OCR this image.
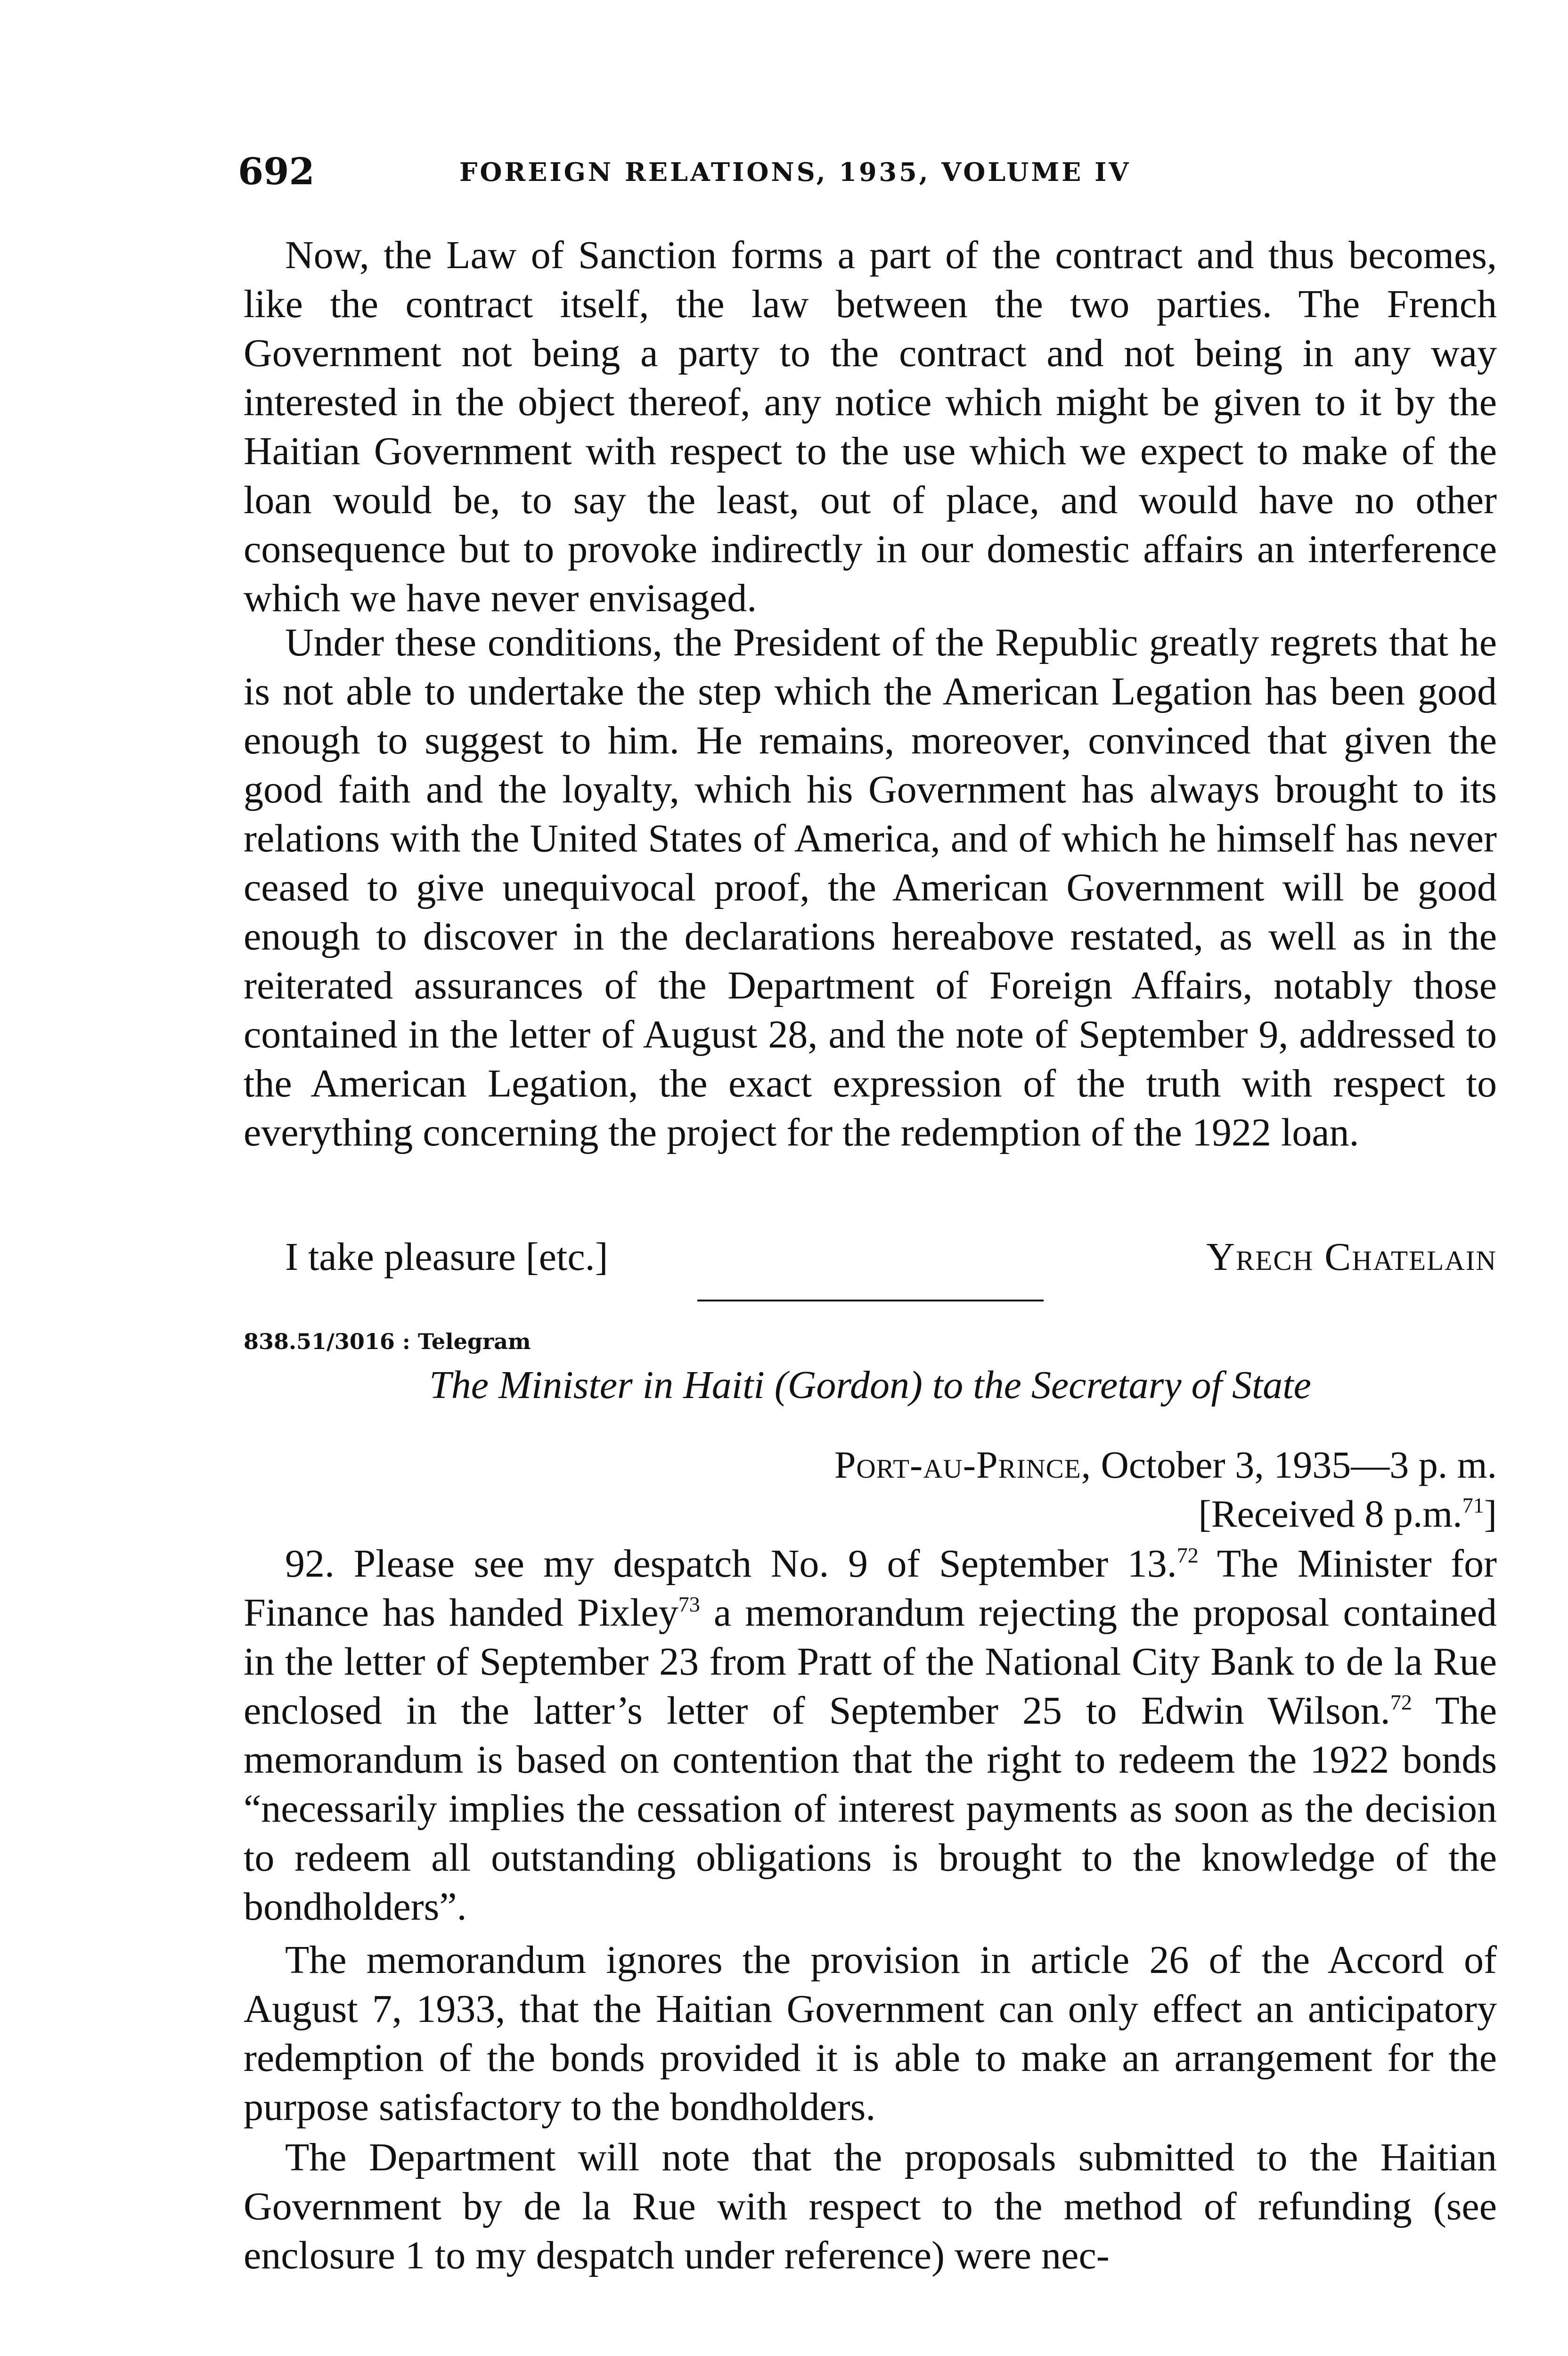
692	FOREIGN RELATIONS, 1935, VOLUME IV
Now, the Law of Sanction forms a part of the contract and thus becomes, like the contract itself, the law between the two parties. The French Government not being a party to the contract and not being in any way interested in the object thereof, any notice which might be given to it by the Haitian Government with respect to the use which we expect to make of the loan would be, to say the least, out of place, and would have no other consequence but to provoke indirectly in our domestic affairs an interference which we have never envisaged.
Under these conditions, the President of the Republic greatly regrets that he is not able to undertake the step which the American Legation has been good enough to suggest to him. He remains, moreover, convinced that given the good faith and the loyalty, which his Government has always brought to its relations with the United States of America, and of which he himself has never ceased to give unequivocal proof, the American Government will be good enough to discover in the declarations hereabove restated, as well as in the reiterated assurances of the Department of Foreign Affairs, notably those contained in the letter of August 28, and the note of September 9, addressed to the American Legation, the exact expression of the truth with respect to everything concerning the project for the redemption of the 1922 loan.
I take pleasure [etc.]	Yrech Chatelain
838.51/3016 : Telegram
The Minister in Haiti (Gordon) to the Secretary of State
Port-au-Prince, October 3, 1935—3 p. m.
[Received 8 p.m.$^{71}$]
92. Please see my despatch No. 9 of September 13.72 The Minister for Finance has handed Pixley$^{73}$ a memorandum rejecting the proposal contained in the letter of September 23 from Pratt of the National City Bank to de la Rue enclosed in the latter’s letter of September 25 to Edwin Wilson.$^{72}$ The memorandum is based on contention that the right to redeem the 1922 bonds “necessarily implies the cessation of interest payments as soon as the decision to redeem all outstanding obligations is brought to the knowledge of the bondholders”.
The memorandum ignores the provision in article 26 of the Accord of August 7, 1933, that the Haitian Government can only effect an anticipatory redemption of the bonds provided it is able to make an arrangement for the purpose satisfactory to the bondholders.
The Department will note that the proposals submitted to the Haitian Government by de la Rue with respect to the method of refunding (see enclosure 1 to my despatch under reference) were nec-
